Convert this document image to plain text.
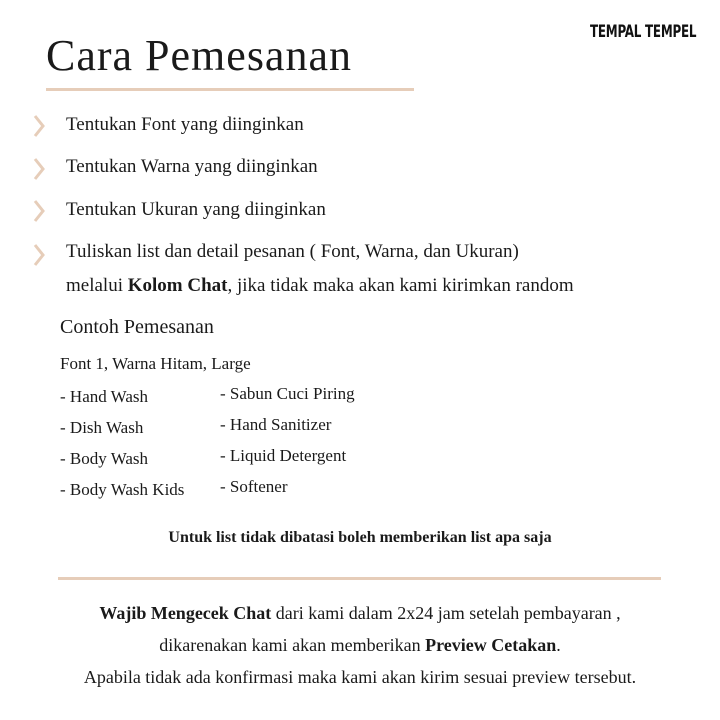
TEMPAL TEMPEL
Cara Pemesanan
Tentukan Font yang diinginkan
Tentukan Warna yang diinginkan
Tentukan Ukuran yang diinginkan
Tuliskan list dan detail pesanan ( Font, Warna, dan Ukuran)
melalui Kolom Chat, jika tidak maka akan kami kirimkan random
Contoh Pemesanan
Font 1, Warna Hitam, Large
- Hand Wash
- Dish Wash
- Body Wash
- Body Wash Kids
- Sabun Cuci Piring
- Hand Sanitizer
- Liquid Detergent
- Softener
Untuk list tidak dibatasi boleh memberikan list apa saja
Wajib Mengecek Chat dari kami dalam 2x24 jam setelah pembayaran ,
dikarenakan kami akan memberikan Preview Cetakan.
Apabila tidak ada konfirmasi maka kami akan kirim sesuai preview tersebut.
